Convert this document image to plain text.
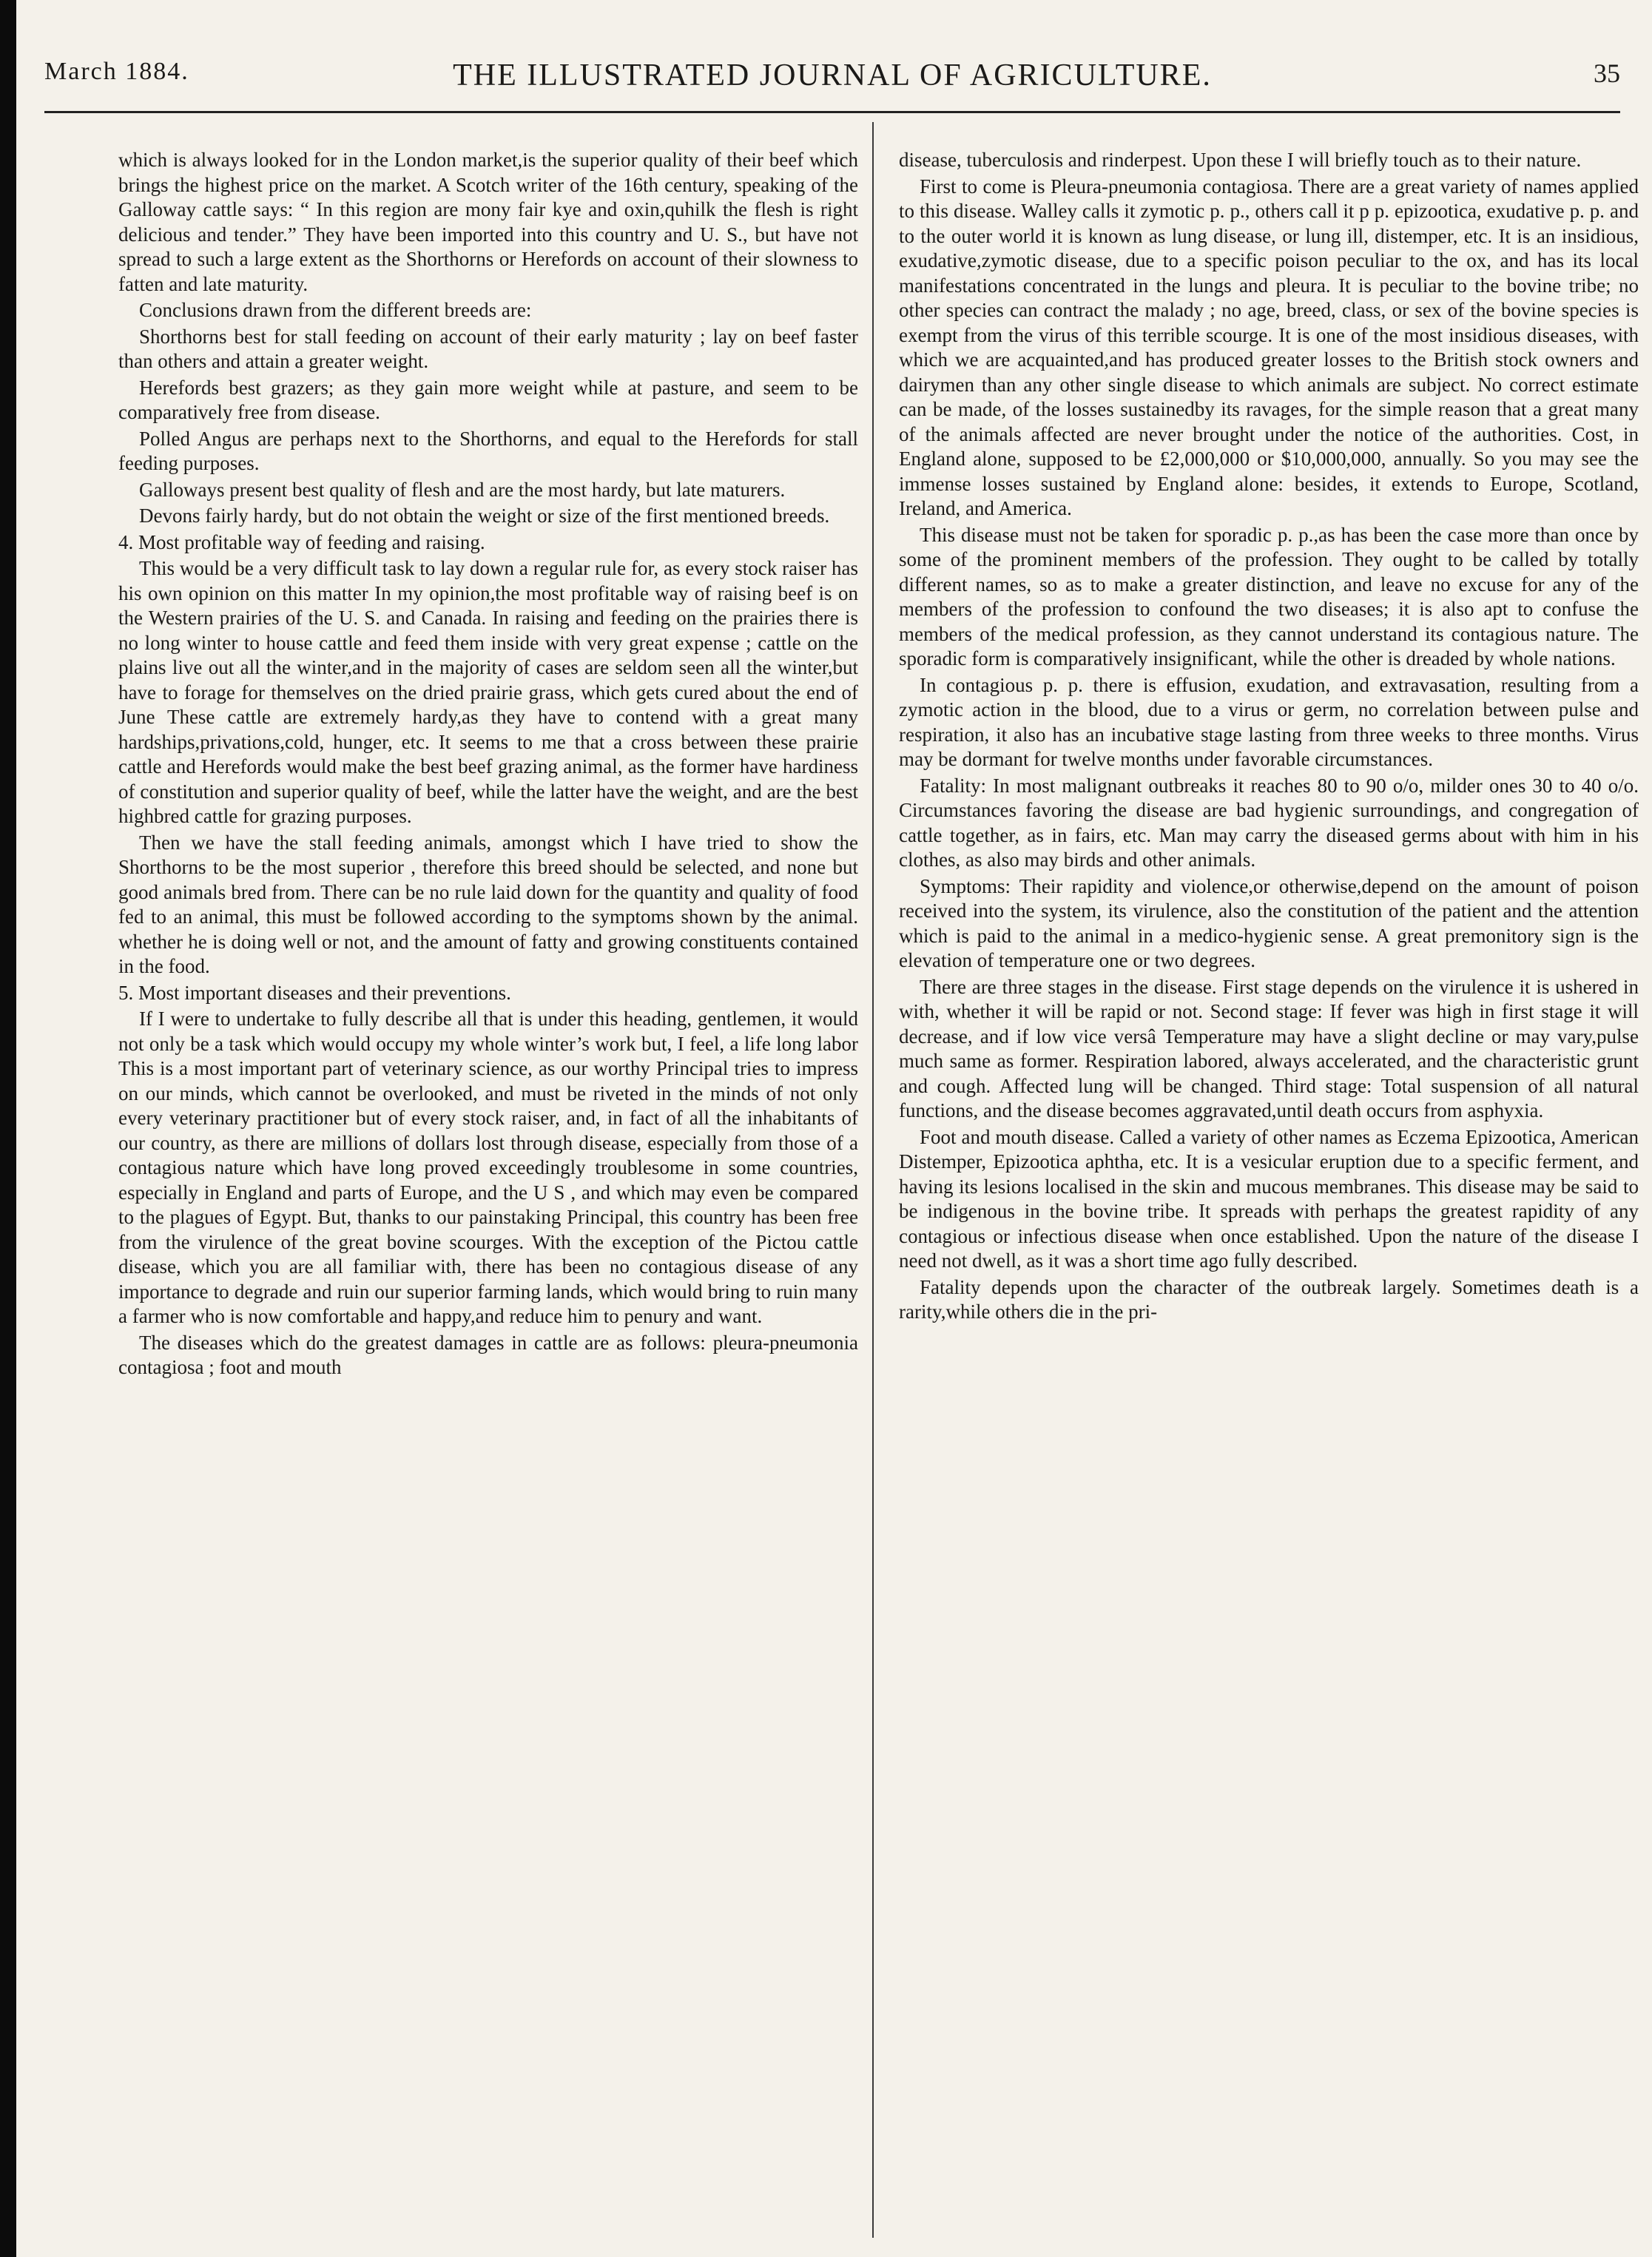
THE ILLUSTRATED JOURNAL OF AGRICULTURE.
March 1884.	35

which is always looked for in the London market,is the superior quality of their beef which brings the highest price on the market. A Scotch writer of the 16th century, speaking of the Galloway cattle says: “ In this region are mony fair kye and oxin,quhilk the flesh is right delicious and tender.” They have been imported into this country and U. S., but have not spread to such a large extent as the Shorthorns or Herefords on account of their slowness to fatten and late maturity.

Conclusions drawn from the different breeds are:

Shorthorns best for stall feeding on account of their early maturity ; lay on beef faster than others and attain a greater weight.

Herefords best grazers; as they gain more weight while at pasture, and seem to be comparatively free from disease.

Polled Angus are perhaps next to the Shorthorns, and equal to the Herefords for stall feeding purposes.

Galloways present best quality of flesh and are the most hardy, but late maturers.

Devons fairly hardy, but do not obtain the weight or size of the first mentioned breeds.

4. Most profitable way of feeding and raising.

This would be a very difficult task to lay down a regular rule for, as every stock raiser has his own opinion on this matter In my opinion,the most profitable way of raising beef is on the Western prairies of the U. S. and Canada. In raising and feeding on the prairies there is no long winter to house cattle and feed them inside with very great expense ; cattle on the plains live out all the winter,and in the majority of cases are seldom seen all the winter,but have to forage for themselves on the dried prairie grass, which gets cured about the end of June These cattle are extremely hardy,as they have to contend with a great many hardships,privations,cold, hunger, etc. It seems to me that a cross between these prairie cattle and Herefords would make the best beef grazing animal, as the former have hardiness of constitution and superior quality of beef, while the latter have the weight, and are the best highbred cattle for grazing purposes.

Then we have the stall feeding animals, amongst which I have tried to show the Shorthorns to be the most superior , therefore this breed should be selected, and none but good animals bred from. There can be no rule laid down for the quantity and quality of food fed to an animal, this must be followed according to the symptoms shown by the animal. whether he is doing well or not, and the amount of fatty and growing constituents contained in the food.

5. Most important diseases and their preventions.

If I were to undertake to fully describe all that is under this heading, gentlemen, it would not only be a task which would occupy my whole winter’s work but, I feel, a life long labor This is a most important part of veterinary science, as our worthy Principal tries to impress on our minds, which cannot be overlooked, and must be riveted in the minds of not only every veterinary practitioner but of every stock raiser, and, in fact of all the inhabitants of our country, as there are millions of dollars lost through disease, especially from those of a contagious nature which have long proved exceedingly troublesome in some countries, especially in England and parts of Europe, and the U S , and which may even be compared to the plagues of Egypt. But, thanks to our painstaking Principal, this country has been free from the virulence of the great bovine scourges. With the exception of the Pictou cattle disease, which you are all familiar with, there has been no contagious disease of any importance to degrade and ruin our superior farming lands, which would bring to ruin many a farmer who is now comfortable and happy,and reduce him to penury and want.

The diseases which do the greatest damages in cattle are as follows: pleura-pneumonia contagiosa ; foot and mouth

disease, tuberculosis and rinderpest. Upon these I will briefly touch as to their nature.

First to come is Pleura-pneumonia contagiosa. There are a great variety of names applied to this disease. Walley calls it zymotic p. p., others call it p p. epizootica, exudative p. p. and to the outer world it is known as lung disease, or lung ill, distemper, etc. It is an insidious, exudative,zymotic disease, due to a specific poison peculiar to the ox, and has its local manifestations concentrated in the lungs and pleura. It is peculiar to the bovine tribe; no other species can contract the malady ; no age, breed, class, or sex of the bovine species is exempt from the virus of this terrible scourge. It is one of the most insidious diseases, with which we are acquainted,and has produced greater losses to the British stock owners and dairymen than any other single disease to which animals are subject. No correct estimate can be made, of the losses sustainedby its ravages, for the simple reason that a great many of the animals affected are never brought under the notice of the authorities. Cost, in England alone, supposed to be £2,000,000 or $10,000,000, annually. So you may see the immense losses sustained by England alone: besides, it extends to Europe, Scotland, Ireland, and America.

This disease must not be taken for sporadic p. p.,as has been the case more than once by some of the prominent members of the profession. They ought to be called by totally different names, so as to make a greater distinction, and leave no excuse for any of the members of the profession to confound the two diseases; it is also apt to confuse the members of the medical profession, as they cannot understand its contagious nature. The sporadic form is comparatively insignificant, while the other is dreaded by whole nations.

In contagious p. p. there is effusion, exudation, and extravasation, resulting from a zymotic action in the blood, due to a virus or germ, no correlation between pulse and respiration, it also has an incubative stage lasting from three weeks to three months. Virus may be dormant for twelve months under favorable circumstances.

Fatality: In most malignant outbreaks it reaches 80 to 90 o/o, milder ones 30 to 40 o/o. Circumstances favoring the disease are bad hygienic surroundings, and congregation of cattle together, as in fairs, etc. Man may carry the diseased germs about with him in his clothes, as also may birds and other animals.

Symptoms: Their rapidity and violence,or otherwise,depend on the amount of poison received into the system, its virulence, also the constitution of the patient and the attention which is paid to the animal in a medico-hygienic sense. A great premonitory sign is the elevation of temperature one or two degrees.

There are three stages in the disease. First stage depends on the virulence it is ushered in with, whether it will be rapid or not. Second stage: If fever was high in first stage it will decrease, and if low vice versâ Temperature may have a slight decline or may vary,pulse much same as former. Respiration labored, always accelerated, and the characteristic grunt and cough. Affected lung will be changed. Third stage: Total suspension of all natural functions, and the disease becomes aggravated,until death occurs from asphyxia.

Foot and mouth disease. Called a variety of other names as Eczema Epizootica, American Distemper, Epizootica aphtha, etc. It is a vesicular eruption due to a specific ferment, and having its lesions localised in the skin and mucous membranes. This disease may be said to be indigenous in the bovine tribe. It spreads with perhaps the greatest rapidity of any contagious or infectious disease when once established. Upon the nature of the disease I need not dwell, as it was a short time ago fully described.

Fatality depends upon the character of the outbreak largely. Sometimes death is a rarity,while others die in the pri-
